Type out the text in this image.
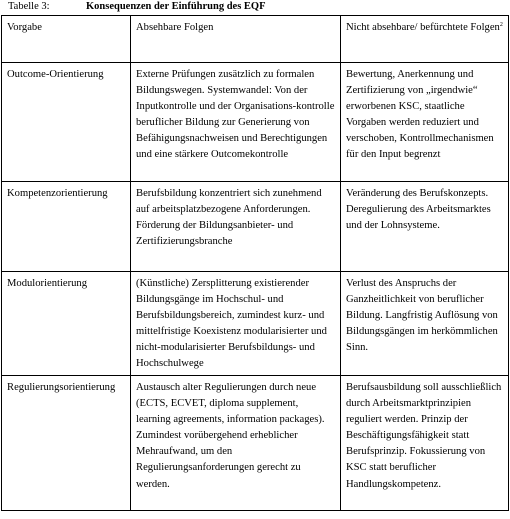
Tabelle 3:	Konsequenzen der Einführung des EQF
Vorgabe	Absehbare Folgen	Nicht absehbare/ befürchtete Folgen$^2$
Outcome-Orientierung	Externe Prüfungen zusätzlich zu formalen Bildungswegen. Systemwandel: Von der Inputkontrolle und der Organisations-kontrolle beruflicher Bildung zur Generierung von Befähigungsnachweisen und Berechtigungen und eine stärkere Outcomekontrolle	Bewertung, Anerkennung und Zertifizierung von „irgendwie“ erworbenen KSC, staatliche Vorgaben werden reduziert und verschoben, Kontrollmechanismen für den Input begrenzt
Kompetenzorientierung	Berufsbildung konzentriert sich zunehmend auf arbeitsplatzbezogene Anforderungen. Förderung der Bildungsanbieter- und Zertifizierungsbranche	Veränderung des Berufskonzepts. Deregulierung des Arbeitsmarktes und der Lohnsysteme.
Modulorientierung	(Künstliche) Zersplitterung existierender Bildungsgänge im Hochschul- und Berufsbildungsbereich, zumindest kurz- und mittelfristige Koexistenz modularisierter und nicht-modularisierter Berufsbildungs- und Hochschulwege	Verlust des Anspruchs der Ganzheitlichkeit von beruflicher Bildung. Langfristig Auflösung von Bildungsgängen im herkömmlichen Sinn.
Regulierungsorientierung	Austausch alter Regulierungen durch neue (ECTS, ECVET, diploma supplement, learning agreements, information packages). Zumindest vorübergehend erheblicher Mehraufwand, um den Regulierungsanforderungen gerecht zu werden.	Berufsausbildung soll ausschließlich durch Arbeitsmarktprinzipien reguliert werden. Prinzip der Beschäftigungsfähigkeit statt Berufsprinzip. Fokussierung von KSC statt beruflicher Handlungskompetenz.
